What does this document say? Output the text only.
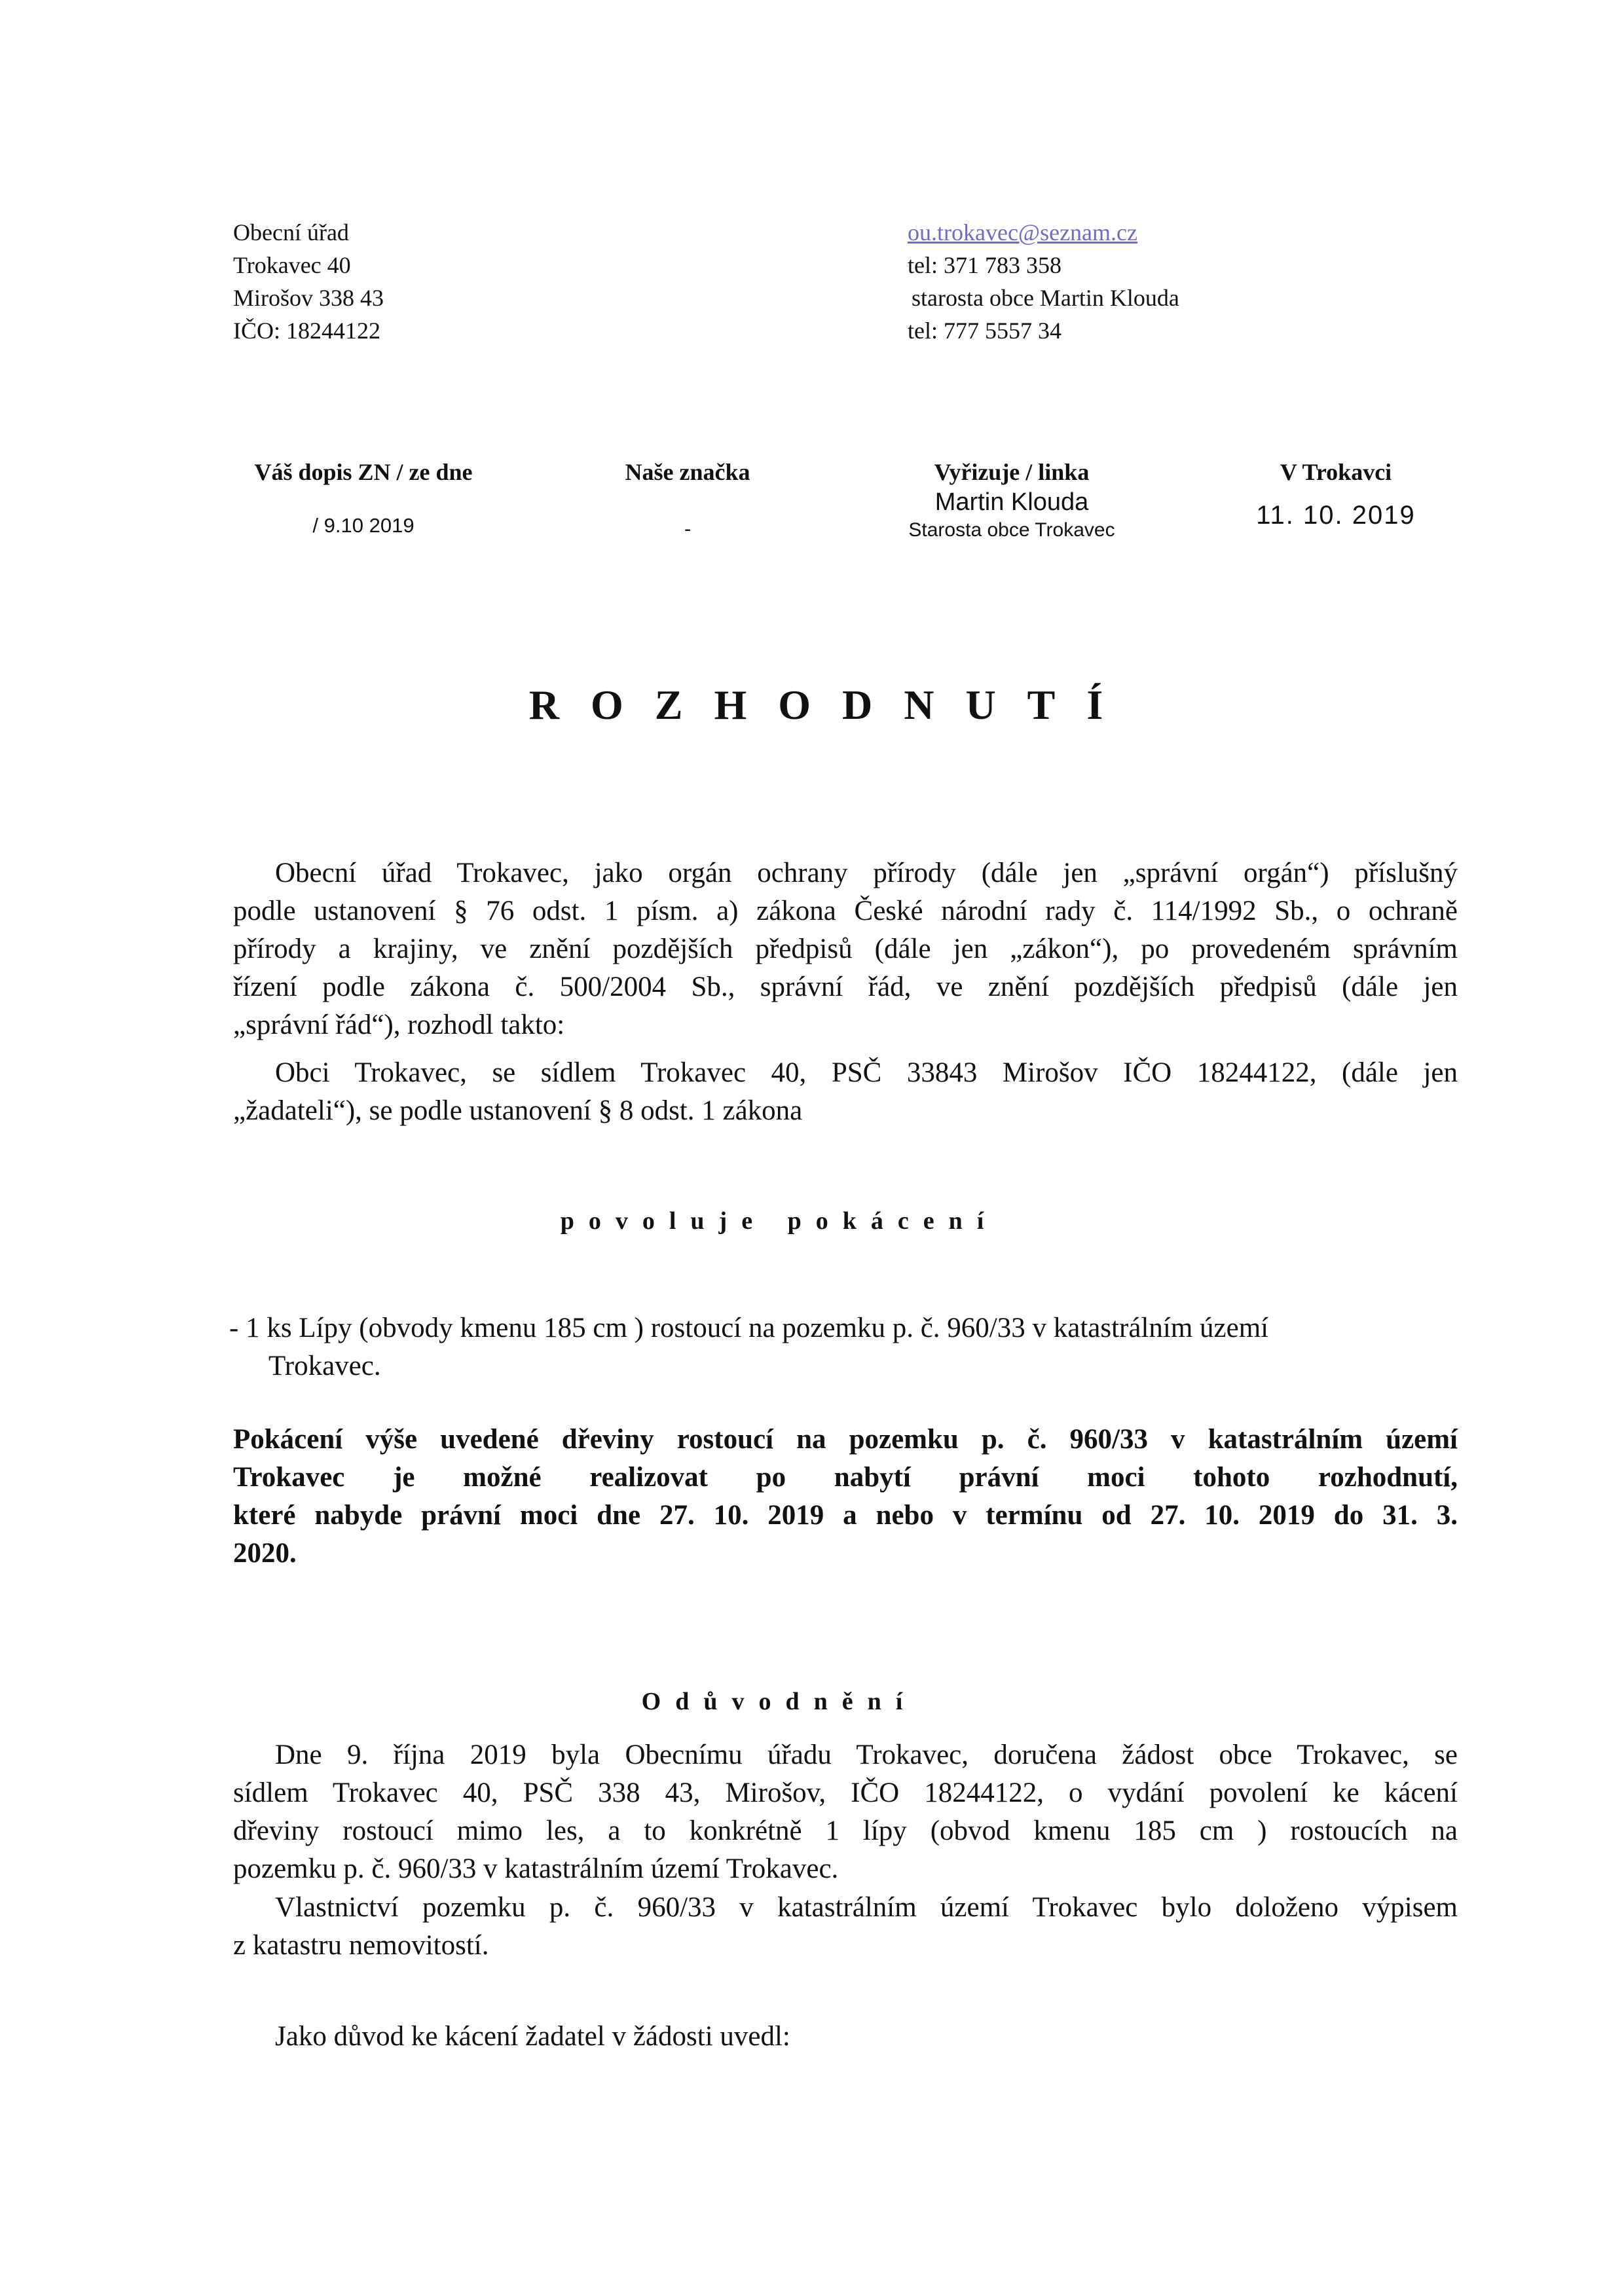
Obecní úřad
Trokavec 40
Mirošov 338 43
IČO: 18244122
ou.trokavec@seznam.cz
tel: 371 783 358
starosta obce Martin Klouda
tel: 777 5557 34
Váš dopis ZN / ze dne
/ 9.10 2019
Naše značka
-
Vyřizuje / linka
Martin Klouda
Starosta obce Trokavec
V Trokavci
11. 10. 2019
ROZHODNUTÍ
Obecní úřad Trokavec, jako orgán ochrany přírody (dále jen „správní orgán“) příslušný
podle ustanovení § 76 odst. 1 písm. a) zákona České národní rady č. 114/1992 Sb., o ochraně
přírody a krajiny, ve znění pozdějších předpisů (dále jen „zákon“), po provedeném správním
řízení podle zákona č. 500/2004 Sb., správní řád, ve znění pozdějších předpisů (dále jen
„správní řád“), rozhodl takto:
Obci Trokavec, se sídlem Trokavec 40, PSČ 33843 Mirošov IČO 18244122, (dále jen
„žadateli“), se podle ustanovení § 8 odst. 1 zákona
povoluje pokácení
- 1 ks Lípy (obvody kmenu 185 cm ) rostoucí na pozemku p. č. 960/33 v katastrálním území
Trokavec.
Pokácení výše uvedené dřeviny rostoucí na pozemku p. č. 960/33 v katastrálním území
Trokavec je možné realizovat po nabytí právní moci tohoto rozhodnutí,
které nabyde právní moci dne 27. 10. 2019 a nebo v termínu od 27. 10. 2019 do 31. 3.
2020.
Odůvodnění
Dne 9. října 2019 byla Obecnímu úřadu Trokavec, doručena žádost obce Trokavec, se
sídlem Trokavec 40, PSČ 338 43, Mirošov, IČO 18244122, o vydání povolení ke kácení
dřeviny rostoucí mimo les, a to konkrétně 1 lípy (obvod kmenu 185 cm ) rostoucích na
pozemku p. č. 960/33 v katastrálním území Trokavec.
Vlastnictví pozemku p. č. 960/33 v katastrálním území Trokavec bylo doloženo výpisem
z katastru nemovitostí.
Jako důvod ke kácení žadatel v žádosti uvedl:
